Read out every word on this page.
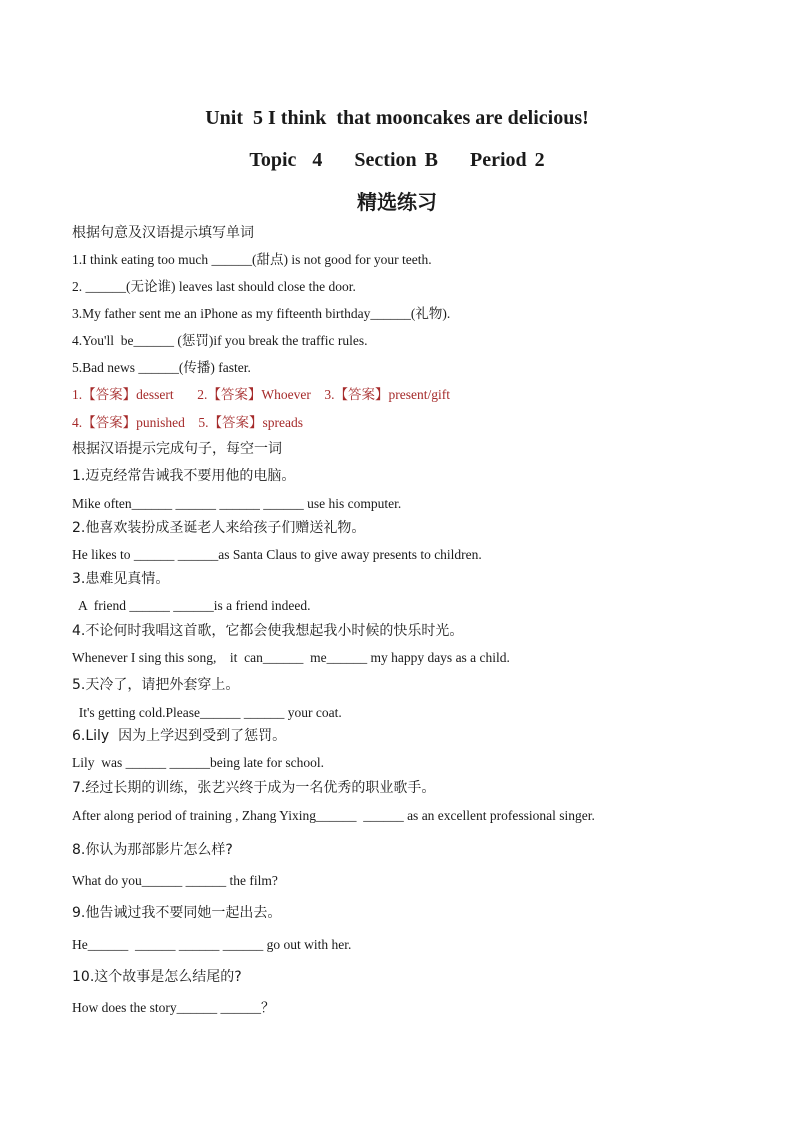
Unit  5 I think  that mooncakes are delicious!
Topic  4    Section B    Period 2
精选练习
根据句意及汉语提示填写单词
1.I think eating too much ______(甜点) is not good for your teeth.
2. ______(无论谁) leaves last should close the door.
3.My father sent me an iPhone as my fifteenth birthday______(礼物).
4.You'll  be______ (惩罚)if you break the traffic rules.
5.Bad news ______(传播) faster.
1.【答案】dessert       2.【答案】Whoever    3.【答案】present/gift
4.【答案】punished    5.【答案】spreads
根据汉语提示完成句子，每空一词
1.迈克经常告诫我不要用他的电脑。
Mike often______ ______ ______ ______ use his computer.
2.他喜欢装扮成圣诞老人来给孩子们赠送礼物。
He likes to ______ ______as Santa Claus to give away presents to children.
3.患难见真情。
A  friend ______ ______is a friend indeed.
4.不论何时我唱这首歌，它都会使我想起我小时候的快乐时光。
Whenever I sing this song,    it  can______  me______ my happy days as a child.
5.天冷了，请把外套穿上。
It's getting cold.Please______ ______ your coat.
6.Lily  因为上学迟到受到了惩罚。
Lily  was ______ ______being late for school.
7.经过长期的训练，张艺兴终于成为一名优秀的职业歌手。
After along period of training , Zhang Yixing______  ______ as an excellent professional singer.
8.你认为那部影片怎么样?
What do you______ ______ the film?
9.他告诫过我不要同她一起出去。
He______  ______ ______ ______ go out with her.
10.这个故事是怎么结尾的?
How does the story______ ______？
